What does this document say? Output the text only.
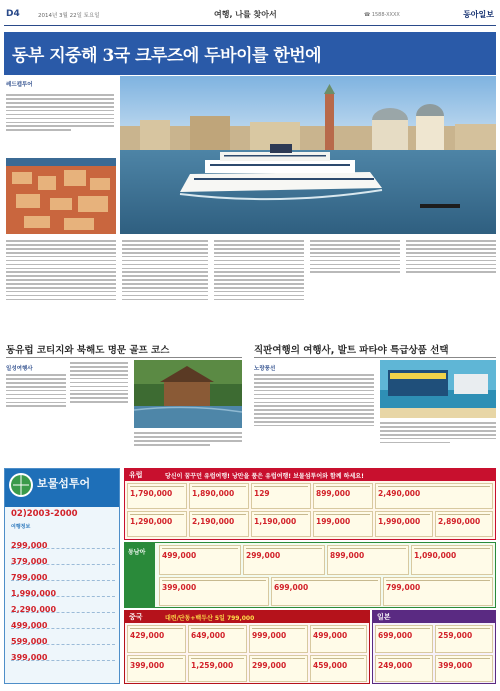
D4	2014년 3월 22일 토요일	여행, 나를 찾아서	☎ 1588-XXXX	동아일보
동부 지중해 3국 크루즈에 두바이를 한번에
레드캡투어
동유럽 코티지와 북해도 명문 골프 코스
일성여행사
직판여행의 여행사, 발트 파타야 특급상품 선택
노랑풍선
보물섬투어
02)2003-2000
여행정보
299,000
379,000
799,000
1,990,000
2,290,000
499,000
599,000
399,000
유럽	당신이 꿈꾸던 유럽여행! 낭만을 품은 유럽여행! 보물섬투어와 함께 하세요!
1,790,000	1,890,000	129	899,000	2,490,000
1,290,000	2,190,000	1,190,000	199,000	1,990,000	2,890,000
동남아 499,000	299,000	899,000	1,090,000
399,000	699,000	799,000
중국	대련/단동+백두산 5일 799,000
429,000	649,000	999,000	499,000
399,000	1,259,000	299,000	459,000
일본
699,000	259,000
249,000	399,000
